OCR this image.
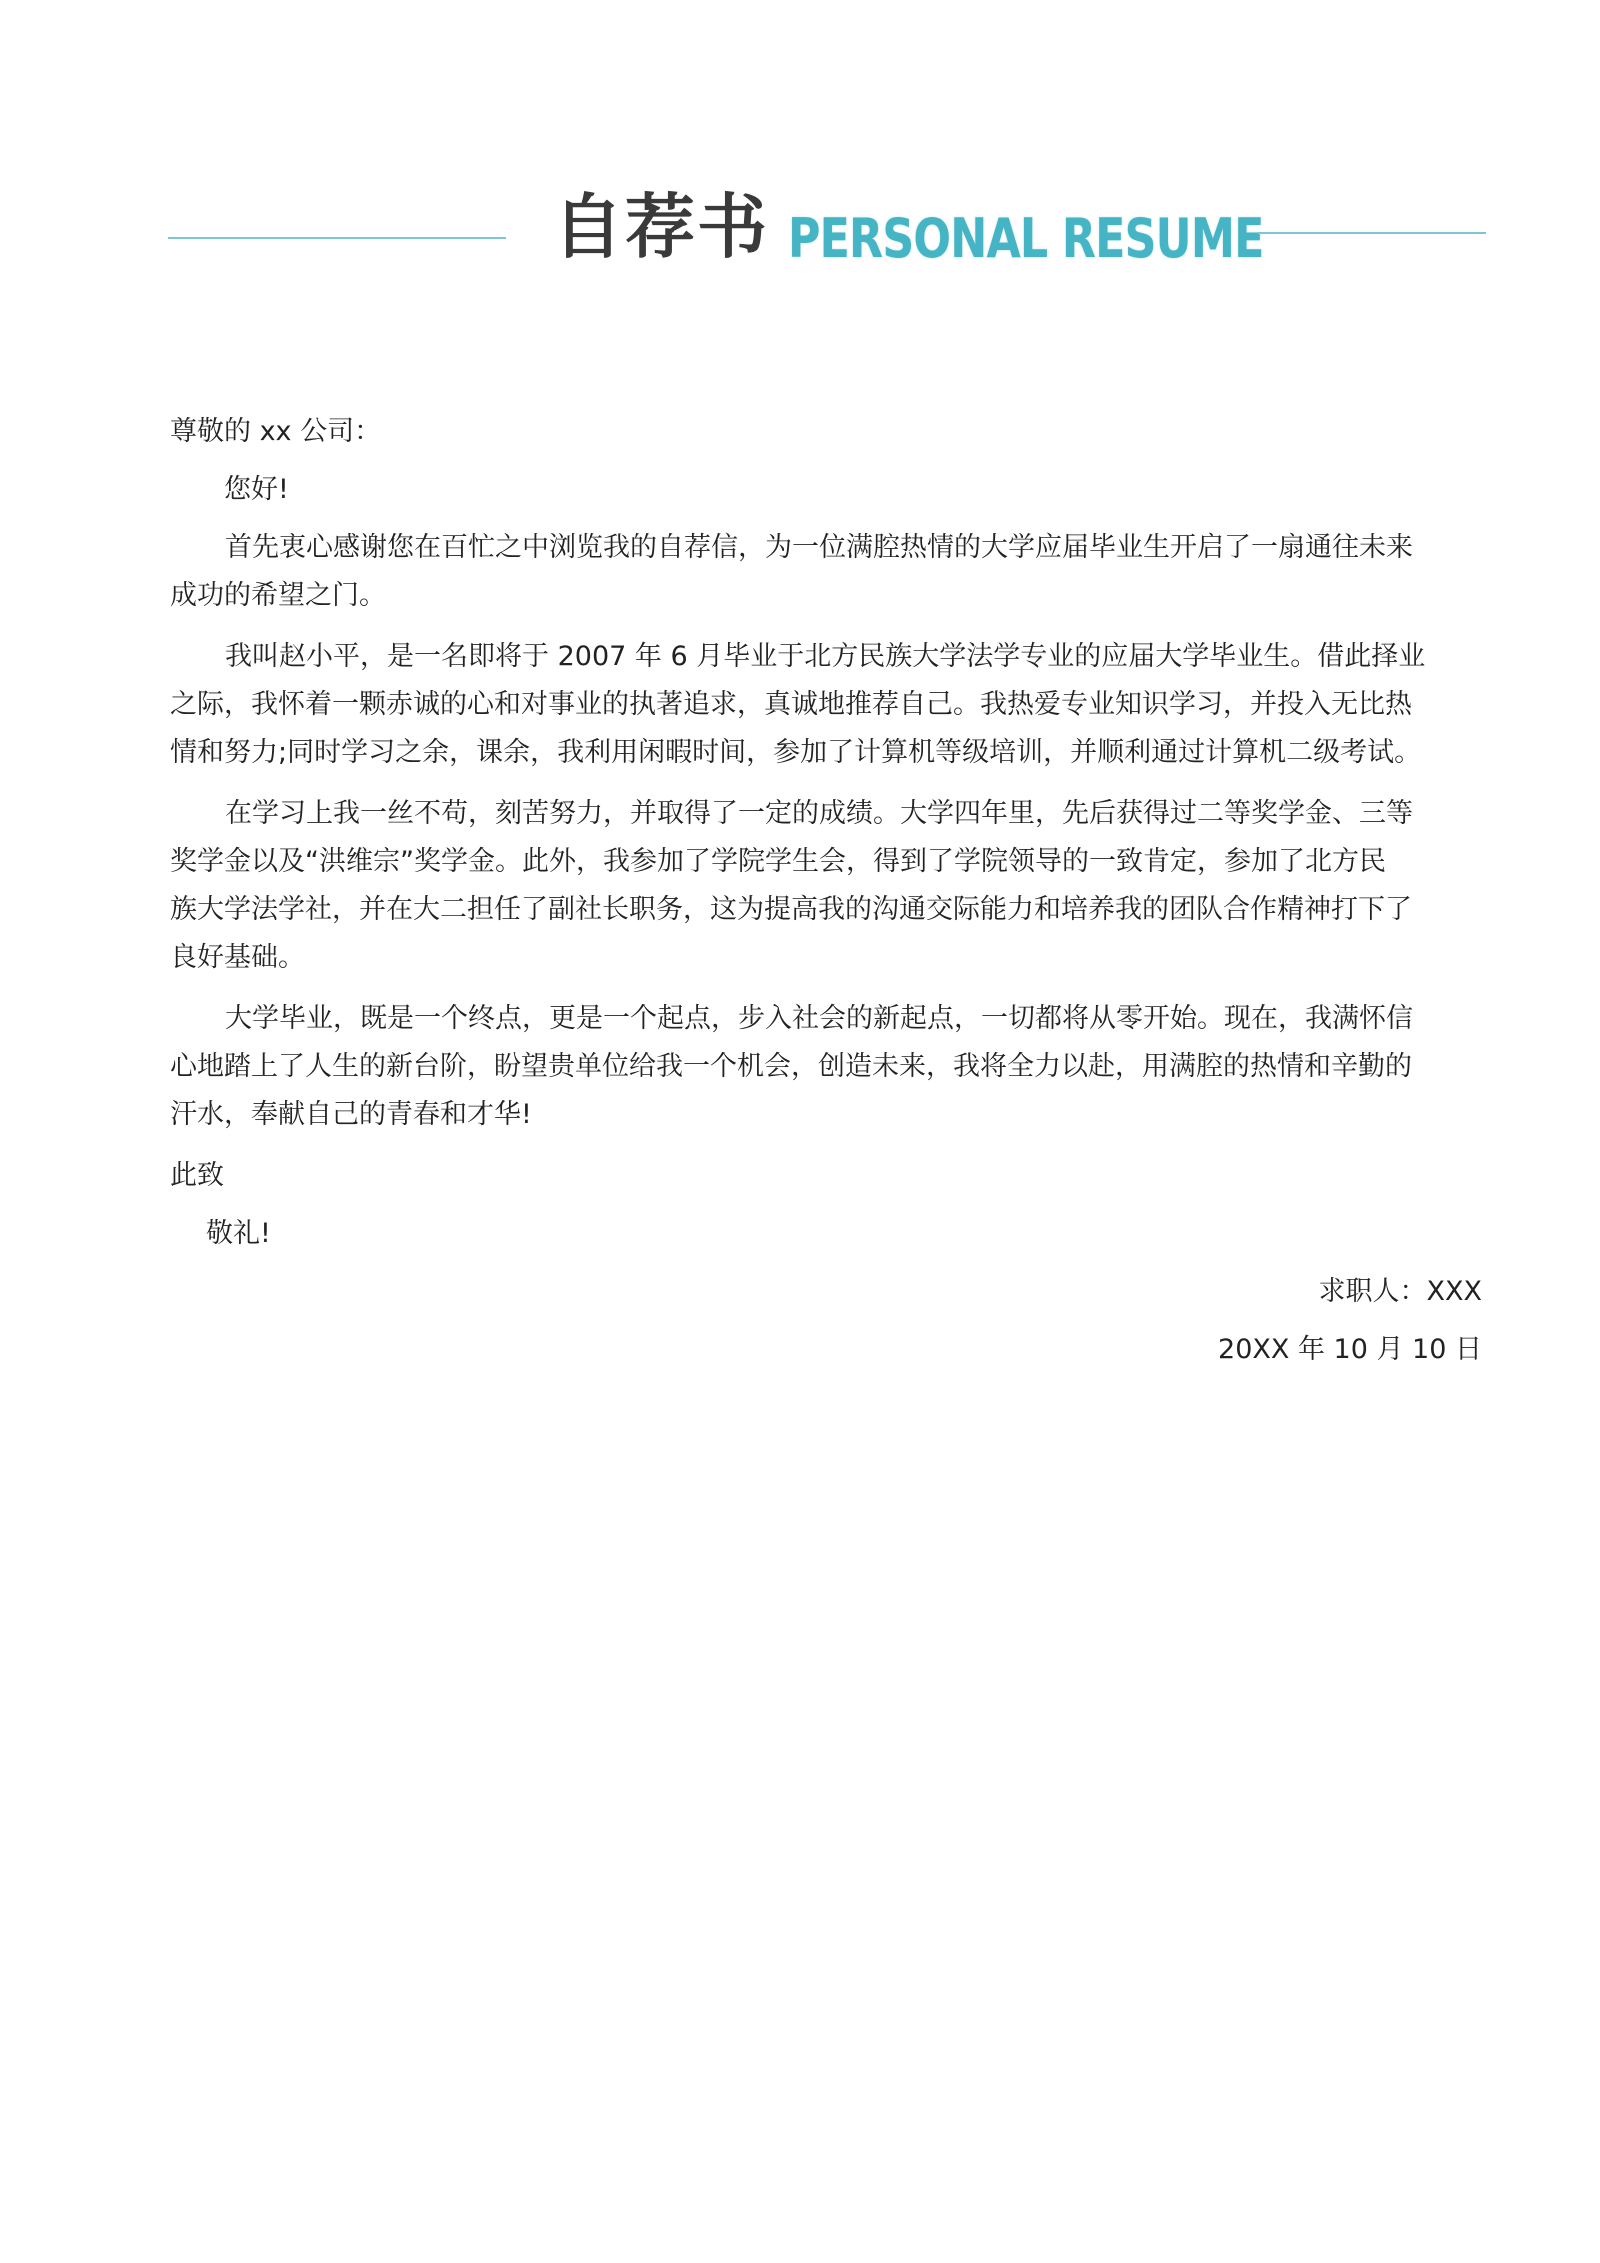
自荐书 PERSONAL RESUME

尊敬的 xx 公司：

您好!

首先衷心感谢您在百忙之中浏览我的自荐信，为一位满腔热情的大学应届毕业生开启了一扇通往未来

成功的希望之门。

我叫赵小平，是一名即将于 2007 年 6 月毕业于北方民族大学法学专业的应届大学毕业生。借此择业

之际，我怀着一颗赤诚的心和对事业的执著追求，真诚地推荐自己。我热爱专业知识学习，并投入无比热

情和努力;同时学习之余，课余，我利用闲暇时间，参加了计算机等级培训，并顺利通过计算机二级考试。

在学习上我一丝不苟，刻苦努力，并取得了一定的成绩。大学四年里，先后获得过二等奖学金、三等

奖学金以及“洪维宗”奖学金。此外，我参加了学院学生会，得到了学院领导的一致肯定，参加了北方民

族大学法学社，并在大二担任了副社长职务，这为提高我的沟通交际能力和培养我的团队合作精神打下了

良好基础。

大学毕业，既是一个终点，更是一个起点，步入社会的新起点，一切都将从零开始。现在，我满怀信

心地踏上了人生的新台阶，盼望贵单位给我一个机会，创造未来，我将全力以赴，用满腔的热情和辛勤的

汗水，奉献自己的青春和才华!

此致

敬礼!

求职人：XXX

20XX 年 10 月 10 日
